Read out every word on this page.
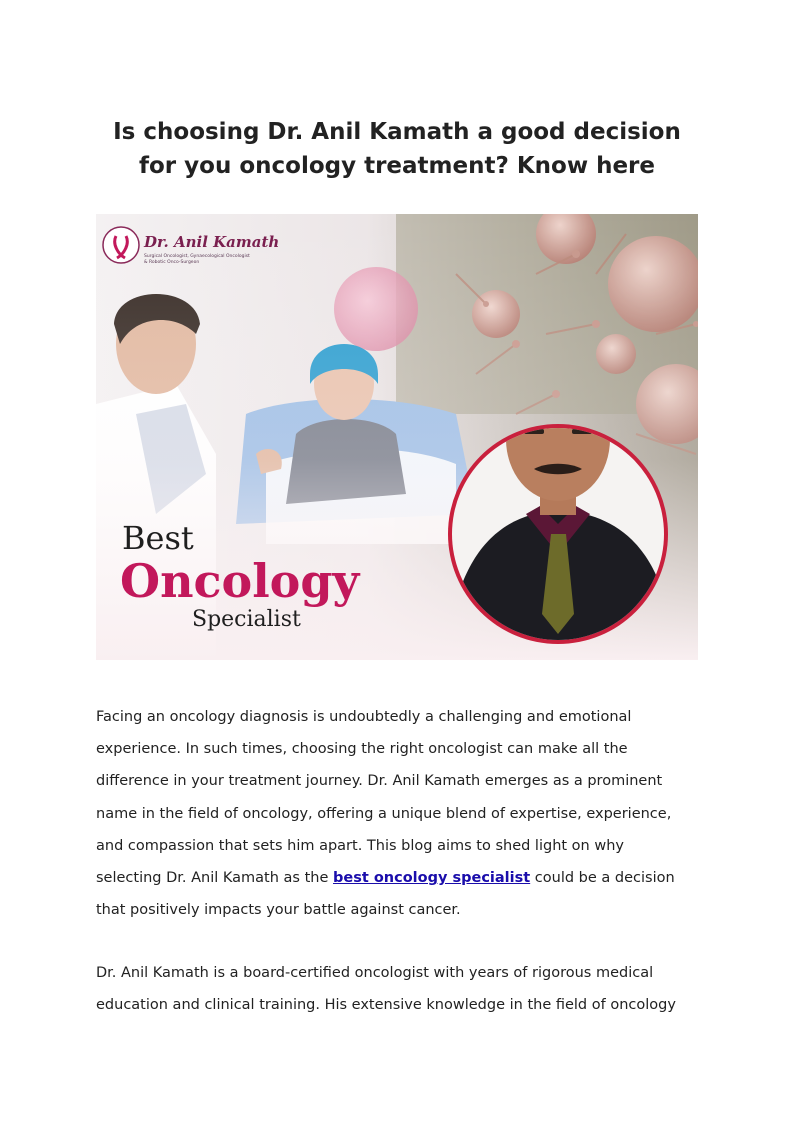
Is choosing Dr. Anil Kamath a good decision
for you oncology treatment? Know here
Dr. Anil Kamath
Surgical Oncologist, Gynaecological Oncologist
& Robotic Onco-Surgeon
Best
Oncology
Specialist

Facing an oncology diagnosis is undoubtedly a challenging and emotional
experience. In such times, choosing the right oncologist can make all the
difference in your treatment journey. Dr. Anil Kamath emerges as a prominent
name in the field of oncology, offering a unique blend of expertise, experience,
and compassion that sets him apart. This blog aims to shed light on why
selecting Dr. Anil Kamath as the best oncology specialist could be a decision
that positively impacts your battle against cancer.

Dr. Anil Kamath is a board-certified oncologist with years of rigorous medical
education and clinical training. His extensive knowledge in the field of oncology
